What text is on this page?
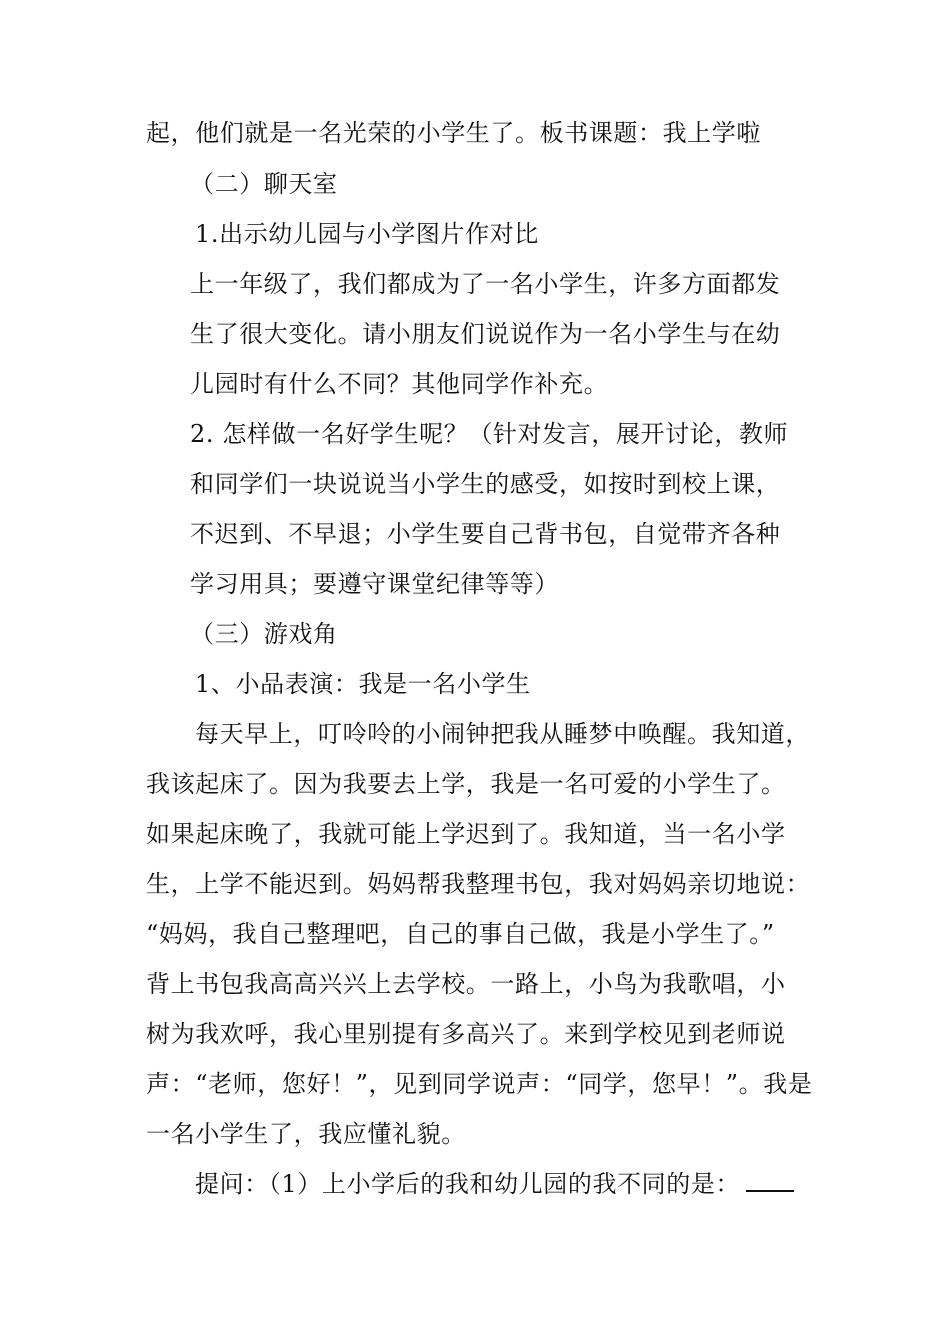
起，他们就是一名光荣的小学生了。板书课题：我上学啦
（二）聊天室
1.出示幼儿园与小学图片作对比
上一年级了，我们都成为了一名小学生，许多方面都发
生了很大变化。请小朋友们说说作为一名小学生与在幼
儿园时有什么不同？其他同学作补充。
2. 怎样做一名好学生呢？（针对发言，展开讨论，教师
和同学们一块说说当小学生的感受，如按时到校上课，
不迟到、不早退；小学生要自己背书包，自觉带齐各种
学习用具；要遵守课堂纪律等等）
（三）游戏角
1、小品表演：我是一名小学生
每天早上，叮呤呤的小闹钟把我从睡梦中唤醒。我知道，
我该起床了。因为我要去上学，我是一名可爱的小学生了。
如果起床晚了，我就可能上学迟到了。我知道，当一名小学
生，上学不能迟到。妈妈帮我整理书包，我对妈妈亲切地说：
“妈妈，我自己整理吧，自己的事自己做，我是小学生了。”
背上书包我高高兴兴上去学校。一路上，小鸟为我歌唱，小
树为我欢呼，我心里别提有多高兴了。来到学校见到老师说
声：“老师，您好！”，见到同学说声：“同学，您早！”。我是
一名小学生了，我应懂礼貌。
提问：（1）上小学后的我和幼儿园的我不同的是：
